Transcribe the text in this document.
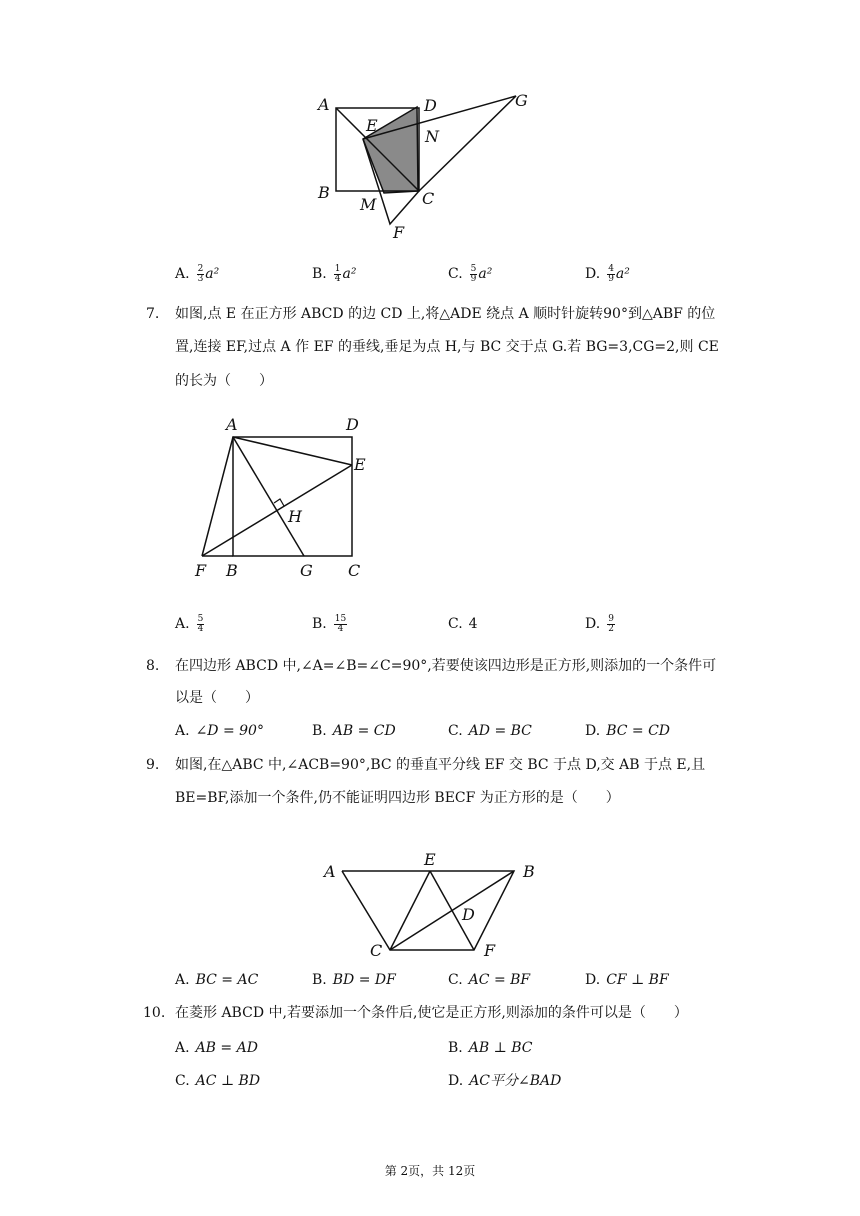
A	D	G
E
N
B
M	C
F
A. $\frac{2}{3} a^2$	B. $\frac{1}{4} a^2$	C. $\frac{5}{9} a^2$	D. $\frac{4}{9} a^2$
7. 如图,点 E 在正方形 ABCD 的边 CD 上,将△ADE 绕点 A 顺时针旋转90°到△ABF 的位
置,连接 EF,过点 A 作 EF 的垂线,垂足为点 H,与 BC 交于点 G.若 BG=3,CG=2,则 CE
的长为（　　）
A	D
E
H
F B	G C
A. $\frac{5}{4}$	B. $\frac{15}{4}$	C. 4	D. $\frac{9}{2}$
8. 在四边形 ABCD 中,∠A=∠B=∠C=90°,若要使该四边形是正方形,则添加的一个条件可
以是（　　）
A. ∠D = 90°	B. AB = CD	C. AD = BC	D. BC = CD
9. 如图,在△ABC 中,∠ACB=90°,BC 的垂直平分线 EF 交 BC 于点 D,交 AB 于点 E,且
BE=BF,添加一个条件,仍不能证明四边形 BECF 为正方形的是（　　）
A
E
B
D
C	F
A. BC = AC	B. BD = DF	C. AC = BF	D. CF ⊥ BF
10. 在菱形 ABCD 中,若要添加一个条件后,使它是正方形,则添加的条件可以是（　　）
A. AB = AD	B. AB ⊥ BC
C. AC ⊥ BD	D. AC平分∠BAD
第 2页，共 12页
